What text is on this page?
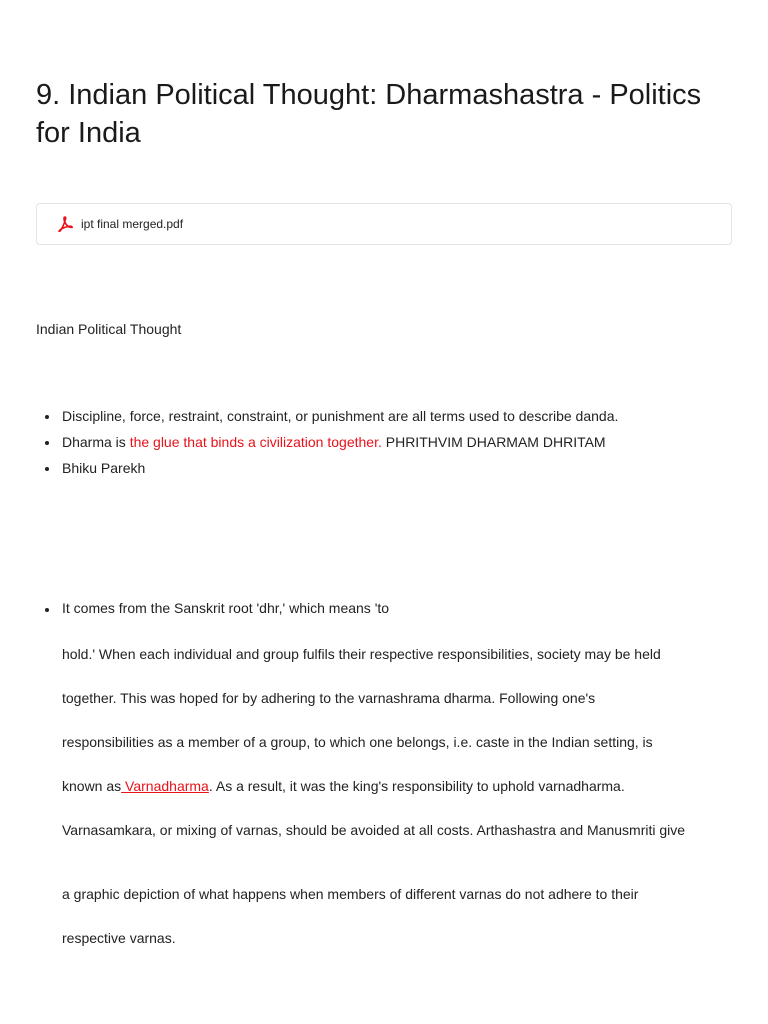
9. Indian Political Thought: Dharmashastra - Politics for India
ipt final merged.pdf
Indian Political Thought
Discipline, force, restraint, constraint, or punishment are all terms used to describe danda.
Dharma is the glue that binds a civilization together. PHRITHVIM DHARMAM DHRITAM
Bhiku Parekh
It comes from the Sanskrit root 'dhr,' which means 'to
hold.' When each individual and group fulfils their respective responsibilities, society may be held
together. This was hoped for by adhering to the varnashrama dharma. Following one's
responsibilities as a member of a group, to which one belongs, i.e. caste in the Indian setting, is
known as Varnadharma. As a result, it was the king's responsibility to uphold varnadharma.
Varnasamkara, or mixing of varnas, should be avoided at all costs. Arthashastra and Manusmriti give
a graphic depiction of what happens when members of different varnas do not adhere to their
respective varnas.
